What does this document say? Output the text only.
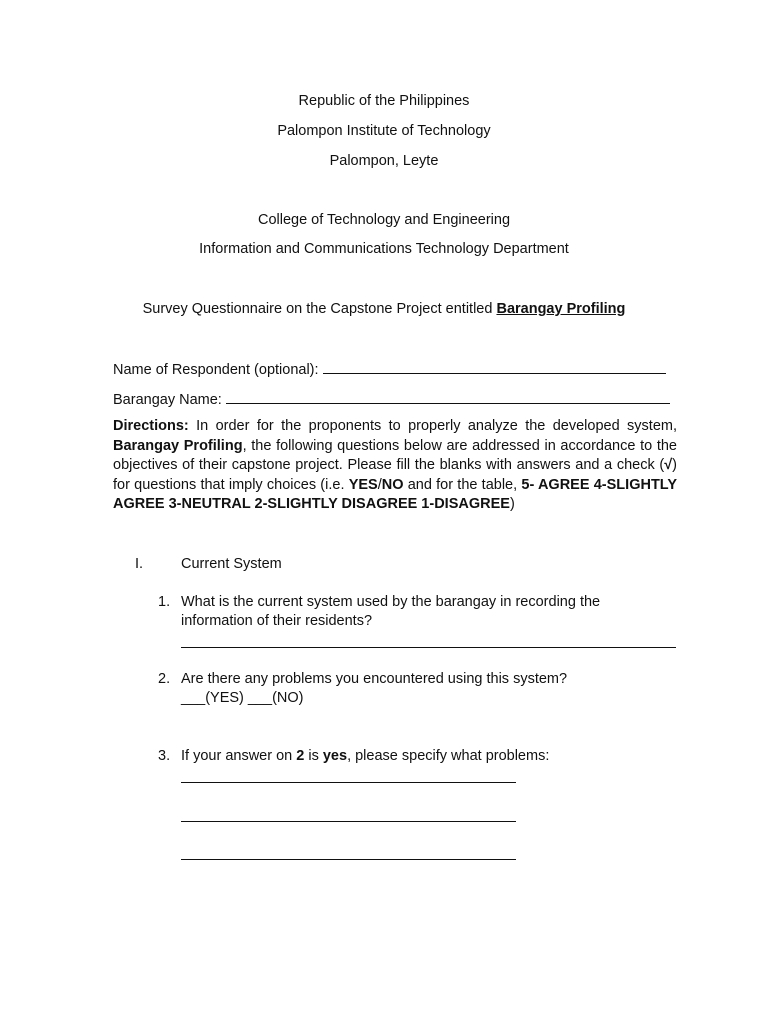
Republic of the Philippines
Palompon Institute of Technology
Palompon, Leyte
College of Technology and Engineering
Information and Communications Technology Department
Survey Questionnaire on the Capstone Project entitled Barangay Profiling
Name of Respondent (optional):
Barangay Name:
Directions: In order for the proponents to properly analyze the developed system, Barangay Profiling, the following questions below are addressed in accordance to the objectives of their capstone project. Please fill the blanks with answers and a check (√) for questions that imply choices (i.e. YES/NO and for the table, 5- AGREE 4-SLIGHTLY AGREE 3-NEUTRAL 2-SLIGHTLY DISAGREE 1-DISAGREE)
I.	Current System
1. What is the current system used by the barangay in recording the
information of their residents?
2. Are there any problems you encountered using this system?
___(YES) ___(NO)
3. If your answer on 2 is yes, please specify what problems:
